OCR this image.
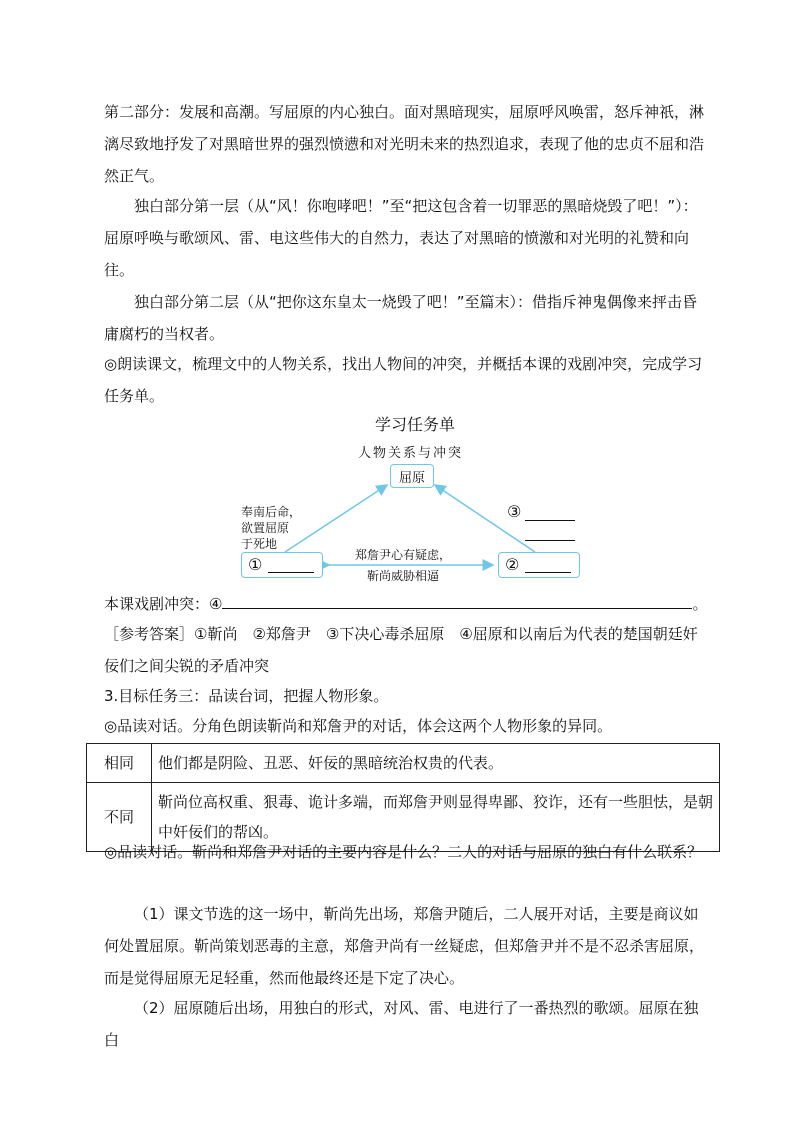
第二部分：发展和高潮。写屈原的内心独白。面对黑暗现实，屈原呼风唤雷，怒斥神祇，淋漓尽致地抒发了对黑暗世界的强烈愤懑和对光明未来的热烈追求，表现了他的忠贞不屈和浩然正气。

独白部分第一层（从“风！你咆哮吧！”至“把这包含着一切罪恶的黑暗烧毁了吧！”）：屈原呼唤与歌颂风、雷、电这些伟大的自然力，表达了对黑暗的愤激和对光明的礼赞和向往。

独白部分第二层（从“把你这东皇太一烧毁了吧！”至篇末）：借指斥神鬼偶像来抨击昏庸腐朽的当权者。

◎朗读课文，梳理文中的人物关系，找出人物间的冲突，并概括本课的戏剧冲突，完成学习任务单。

学习任务单
人物关系与冲突
屈原
奉南后命，
欲置屈原
于死地
③
①	郑詹尹心有疑虑，
靳尚威胁相逼
②
本课戏剧冲突：④	。

［参考答案］①靳尚　②郑詹尹　③下决心毒杀屈原　④屈原和以南后为代表的楚国朝廷奸佞们之间尖锐的矛盾冲突

3.目标任务三：品读台词，把握人物形象。

◎品读对话。分角色朗读靳尚和郑詹尹的对话，体会这两个人物形象的异同。

相同	他们都是阴险、丑恶、奸佞的黑暗统治权贵的代表。
不同	靳尚位高权重、狠毒、诡计多端，而郑詹尹则显得卑鄙、狡诈，还有一些胆怯，是朝中奸佞们的帮凶。

◎品读对话。靳尚和郑詹尹对话的主要内容是什么？二人的对话与屈原的独白有什么联系？

（1）课文节选的这一场中，靳尚先出场，郑詹尹随后，二人展开对话，主要是商议如何处置屈原。靳尚策划恶毒的主意，郑詹尹尚有一丝疑虑，但郑詹尹并不是不忍杀害屈原，而是觉得屈原无足轻重，然而他最终还是下定了决心。

（2）屈原随后出场，用独白的形式，对风、雷、电进行了一番热烈的歌颂。屈原在独白
